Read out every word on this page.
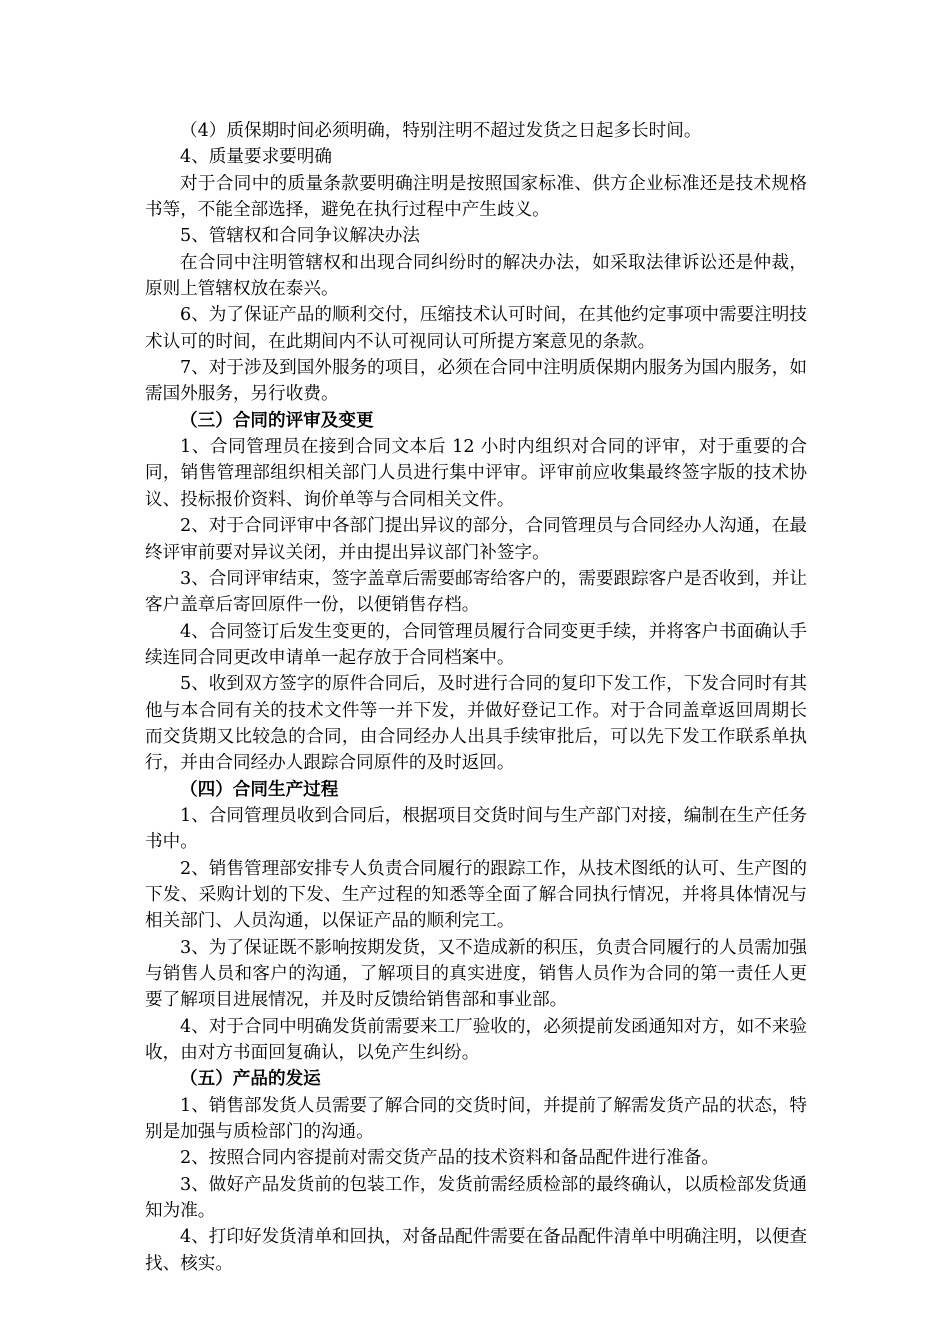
（4）质保期时间必须明确，特别注明不超过发货之日起多长时间。

4、质量要求要明确

对于合同中的质量条款要明确注明是按照国家标准、供方企业标准还是技术规格书等，不能全部选择，避免在执行过程中产生歧义。

5、管辖权和合同争议解决办法

在合同中注明管辖权和出现合同纠纷时的解决办法，如采取法律诉讼还是仲裁，原则上管辖权放在泰兴。

6、为了保证产品的顺利交付，压缩技术认可时间，在其他约定事项中需要注明技术认可的时间，在此期间内不认可视同认可所提方案意见的条款。

7、对于涉及到国外服务的项目，必须在合同中注明质保期内服务为国内服务，如需国外服务，另行收费。

（三）合同的评审及变更

1、合同管理员在接到合同文本后 12 小时内组织对合同的评审，对于重要的合同，销售管理部组织相关部门人员进行集中评审。评审前应收集最终签字版的技术协议、投标报价资料、询价单等与合同相关文件。

2、对于合同评审中各部门提出异议的部分，合同管理员与合同经办人沟通，在最终评审前要对异议关闭，并由提出异议部门补签字。

3、合同评审结束，签字盖章后需要邮寄给客户的，需要跟踪客户是否收到，并让客户盖章后寄回原件一份，以便销售存档。

4、合同签订后发生变更的，合同管理员履行合同变更手续，并将客户书面确认手续连同合同更改申请单一起存放于合同档案中。

5、收到双方签字的原件合同后，及时进行合同的复印下发工作，下发合同时有其他与本合同有关的技术文件等一并下发，并做好登记工作。对于合同盖章返回周期长而交货期又比较急的合同，由合同经办人出具手续审批后，可以先下发工作联系单执行，并由合同经办人跟踪合同原件的及时返回。

（四）合同生产过程

1、合同管理员收到合同后，根据项目交货时间与生产部门对接，编制在生产任务书中。

2、销售管理部安排专人负责合同履行的跟踪工作，从技术图纸的认可、生产图的下发、采购计划的下发、生产过程的知悉等全面了解合同执行情况，并将具体情况与相关部门、人员沟通，以保证产品的顺利完工。

3、为了保证既不影响按期发货，又不造成新的积压，负责合同履行的人员需加强与销售人员和客户的沟通，了解项目的真实进度，销售人员作为合同的第一责任人更要了解项目进展情况，并及时反馈给销售部和事业部。

4、对于合同中明确发货前需要来工厂验收的，必须提前发函通知对方，如不来验收，由对方书面回复确认，以免产生纠纷。

（五）产品的发运

1、销售部发货人员需要了解合同的交货时间，并提前了解需发货产品的状态，特别是加强与质检部门的沟通。

2、按照合同内容提前对需交货产品的技术资料和备品配件进行准备。

3、做好产品发货前的包装工作，发货前需经质检部的最终确认，以质检部发货通知为准。

4、打印好发货清单和回执，对备品配件需要在备品配件清单中明确注明，以便查找、核实。
